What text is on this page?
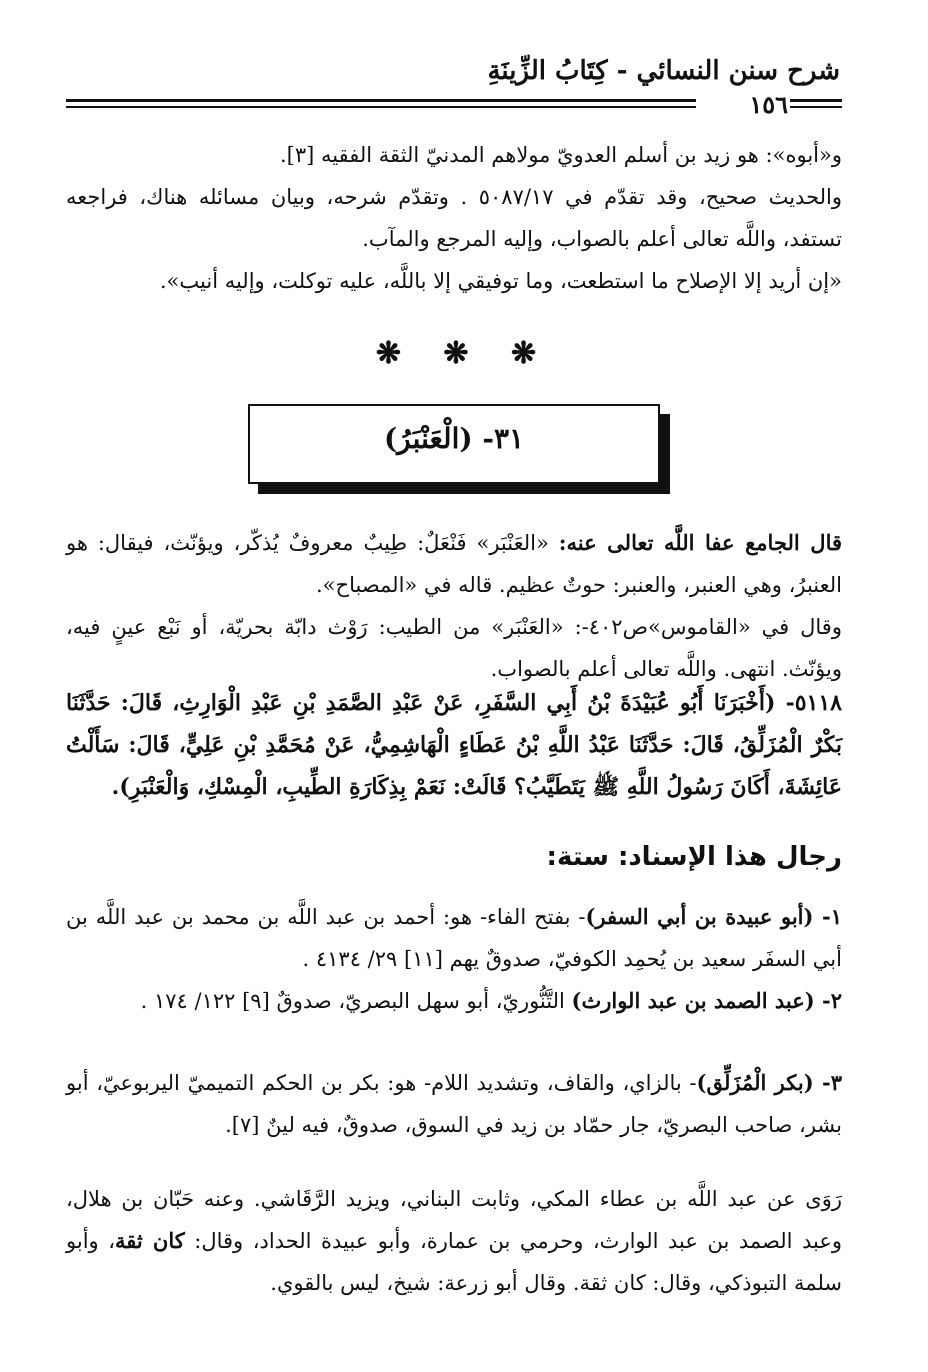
شرح سنن النسائي - كِتَابُ الزِّينَةِ
١٥٦
و«أبوه»: هو زيد بن أسلم العدويّ مولاهم المدنيّ الثقة الفقيه [٣].
والحديث صحيح، وقد تقدّم في ٥٠٨٧/١٧ . وتقدّم شرحه، وبيان مسائله هناك، فراجعه تستفد، واللَّه تعالى أعلم بالصواب، وإليه المرجع والمآب.
«إن أريد إلا الإصلاح ما استطعت، وما توفيقي إلا باللَّه، عليه توكلت، وإليه أنيب».
❋ ❋ ❋
٣١- (الْعَنْبَرُ)
قال الجامع عفا اللَّه تعالى عنه: «العَنْبَر» فَنْعَلٌ: طِيبٌ معروفٌ يُذكّر، ويؤنّث، فيقال: هو العنبرُ، وهي العنبر، والعنبر: حوتٌ عظيم. قاله في «المصباح».
وقال في «القاموس»ص٤٠٢-: «العَنْبَر» من الطيب: رَوْث دابّة بحريّة، أو نَبْع عينٍ فيه، ويؤنّث. انتهى. واللَّه تعالى أعلم بالصواب.
٥١١٨- (أَخْبَرَنَا أَبُو عُبَيْدَةَ بْنُ أَبِي السَّفَرِ، عَنْ عَبْدِ الصَّمَدِ بْنِ عَبْدِ الْوَارِثِ، قَالَ: حَدَّثَنَا بَكْرٌ الْمُزَلِّقُ، قَالَ: حَدَّثَنَا عَبْدُ اللَّهِ بْنُ عَطَاءٍ الْهَاشِمِيُّ، عَنْ مُحَمَّدِ بْنِ عَلِيٍّ، قَالَ: سَأَلْتُ عَائِشَةَ، أَكَانَ رَسُولُ اللَّهِ ﷺ يَتَطَيَّبُ؟ قَالَتْ: نَعَمْ بِذِكَارَةِ الطِّيبِ، الْمِسْكِ، وَالْعَنْبَرِ).
رجال هذا الإسناد: ستة:
١- (أبو عبيدة بن أبي السفر)- بفتح الفاء- هو: أحمد بن عبد اللَّه بن محمد بن عبد اللَّه بن أبي السفَر سعيد بن يُحمِد الكوفيّ، صدوقٌ يهم [١١] ٢٩/ ٤١٣٤ .
٢- (عبد الصمد بن عبد الوارث) التَّنُّوريّ، أبو سهل البصريّ، صدوقٌ [٩] ١٢٢/ ١٧٤ .
٣- (بكر الْمُزَلِّق)- بالزاي، والقاف، وتشديد اللام- هو: بكر بن الحكم التميميّ اليربوعيّ، أبو بشر، صاحب البصريّ، جار حمّاد بن زيد في السوق، صدوقٌ، فيه لينٌ [٧].
رَوَى عن عبد اللَّه بن عطاء المكي، وثابت البناني، ويزيد الرَّقَاشي. وعنه حَبّان بن هلال، وعبد الصمد بن عبد الوارث، وحرمي بن عمارة، وأبو عبيدة الحداد، وقال: كان ثقة، وأبو سلمة التبوذكي، وقال: كان ثقة. وقال أبو زرعة: شيخ، ليس بالقوي.
